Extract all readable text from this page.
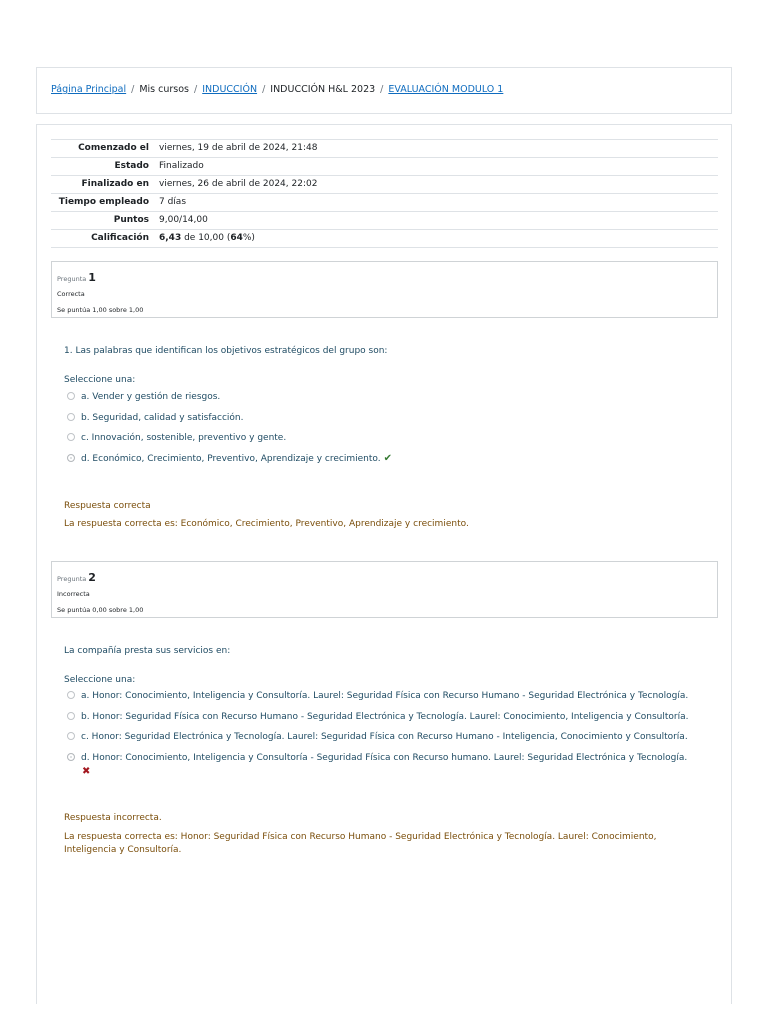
Página Principal / Mis cursos / INDUCCIÓN / INDUCCIÓN H&L 2023 / EVALUACIÓN MODULO 1
Comenzado el	viernes, 19 de abril de 2024, 21:48
Estado	Finalizado
Finalizado en	viernes, 26 de abril de 2024, 22:02
Tiempo empleado	7 días
Puntos	9,00/14,00
Calificación	6,43 de 10,00 (64%)
Pregunta 1
Correcta
Se puntúa 1,00 sobre 1,00
1. Las palabras que identifican los objetivos estratégicos del grupo son:
Seleccione una:
a. Vender y gestión de riesgos.
b. Seguridad, calidad y satisfacción.
c. Innovación, sostenible, preventivo y gente.
d. Económico, Crecimiento, Preventivo, Aprendizaje y crecimiento. ✔
Respuesta correcta
La respuesta correcta es: Económico, Crecimiento, Preventivo, Aprendizaje y crecimiento.
Pregunta 2
Incorrecta
Se puntúa 0,00 sobre 1,00
La compañía presta sus servicios en:
Seleccione una:
a. Honor: Conocimiento, Inteligencia y Consultoría. Laurel: Seguridad Física con Recurso Humano - Seguridad Electrónica y Tecnología.
b. Honor: Seguridad Física con Recurso Humano - Seguridad Electrónica y Tecnología. Laurel: Conocimiento, Inteligencia y Consultoría.
c. Honor: Seguridad Electrónica y Tecnología. Laurel: Seguridad Física con Recurso Humano - Inteligencia, Conocimiento y Consultoría.
d. Honor: Conocimiento, Inteligencia y Consultoría - Seguridad Física con Recurso humano. Laurel: Seguridad Electrónica y Tecnología.
✖
Respuesta incorrecta.
La respuesta correcta es: Honor: Seguridad Física con Recurso Humano - Seguridad Electrónica y Tecnología. Laurel: Conocimiento, Inteligencia y Consultoría.
